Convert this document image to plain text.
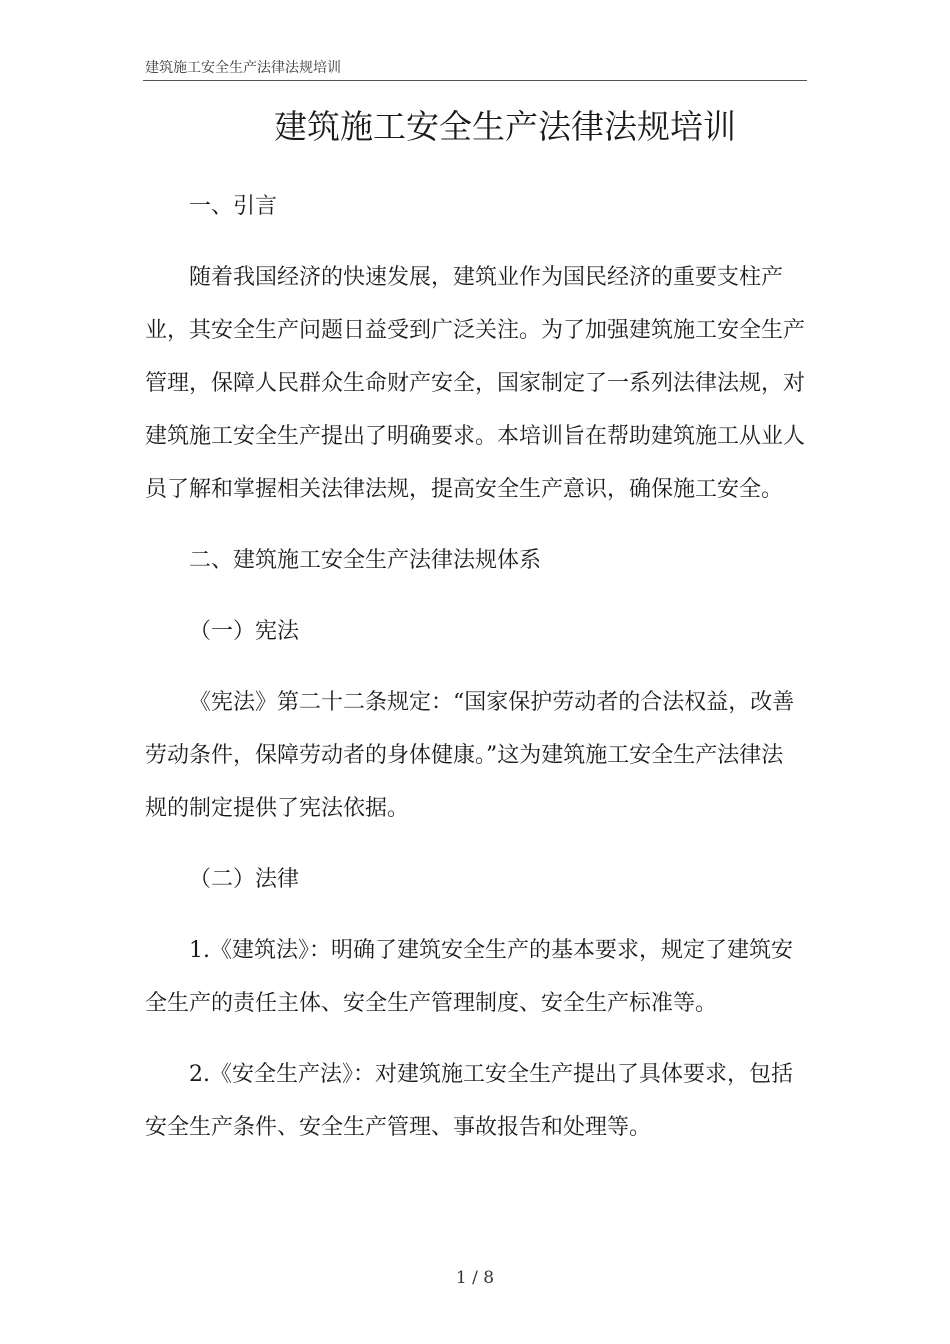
建筑施工安全生产法律法规培训
建筑施工安全生产法律法规培训

一、引言

随着我国经济的快速发展，建筑业作为国民经济的重要支柱产业，其安全生产问题日益受到广泛关注。为了加强建筑施工安全生产管理，保障人民群众生命财产安全，国家制定了一系列法律法规，对建筑施工安全生产提出了明确要求。本培训旨在帮助建筑施工从业人员了解和掌握相关法律法规，提高安全生产意识，确保施工安全。

二、建筑施工安全生产法律法规体系

（一）宪法

《宪法》第二十二条规定：“国家保护劳动者的合法权益，改善劳动条件，保障劳动者的身体健康。”这为建筑施工安全生产法律法规的制定提供了宪法依据。

（二）法律

1.《建筑法》：明确了建筑安全生产的基本要求，规定了建筑安全生产的责任主体、安全生产管理制度、安全生产标准等。

2.《安全生产法》：对建筑施工安全生产提出了具体要求，包括安全生产条件、安全生产管理、事故报告和处理等。

1 / 8
